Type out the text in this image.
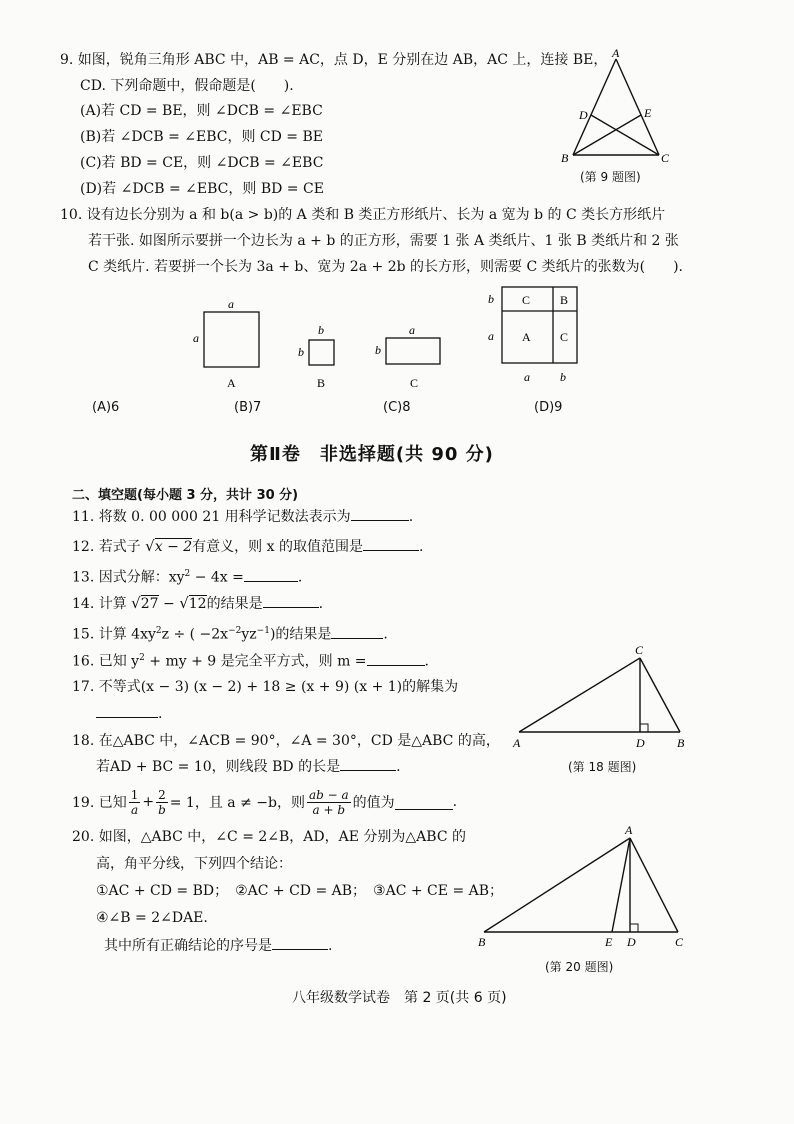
9. 如图，锐角三角形 ABC 中，AB = AC，点 D，E 分别在边 AB，AC 上，连接 BE，
CD. 下列命题中，假命题是(　　).
(A)若 CD = BE，则 ∠DCB = ∠EBC
(B)若 ∠DCB = ∠EBC，则 CD = BE
(C)若 BD = CE，则 ∠DCB = ∠EBC
(D)若 ∠DCB = ∠EBC，则 BD = CE
A
D	E
B	C
(第 9 题图)
10. 设有边长分别为 a 和 b(a > b)的 A 类和 B 类正方形纸片、长为 a 宽为 b 的 C 类长方形纸片
若干张. 如图所示要拼一个边长为 a + b 的正方形，需要 1 张 A 类纸片、1 张 B 类纸片和 2 张
C 类纸片. 若要拼一个长为 3a + b、宽为 2a + 2b 的长方形，则需要 C 类纸片的张数为(　　).
a
a
A
b
b
B
a
b
C
b
a
C B
A C
a	b
(A)6	(B)7	(C)8	(D)9
第Ⅱ卷　非选择题(共 90 分)
二、填空题(每小题 3 分，共计 30 分)
11. 将数 0. 00 000 21 用科学记数法表示为	.
12. 若式子 √x − 2有意义，则 x 的取值范围是	.
13. 因式分解：$xy^2 - 4x$ =	.
14. 计算 √27 − √12的结果是	.
15. 计算 $4xy^2z$ ÷ ( $-2x^{-2}yz^{-1}$)的结果是	.
16. 已知 $y^2$ + my + 9 是完全平方式，则 m =	.
17. 不等式(x − 3) (x − 2) + 18 ≥ (x + 9) (x + 1)的解集为
.
C
A	D	B
(第 18 题图)
18. 在△ABC 中，∠ACB = 90°，∠A = 30°，CD 是△ABC 的高，
若AD + BC = 10，则线段 BD 的长是	.
19. 已知
1
$a + \frac{2}{b} = 1$，且 a ≠ −b，则
ab − a
a + b 的值为	.
20. 如图，△ABC 中，∠C = 2∠B，AD，AE 分别为△ABC 的
高，角平分线，下列四个结论：
①AC + CD = BD；　②AC + CD = AB；　③AC + CE = AB；
④∠B = 2∠DAE.
其中所有正确结论的序号是	.
A
B	E D	C
(第 20 题图)
八年级数学试卷　第 2 页(共 6 页)
